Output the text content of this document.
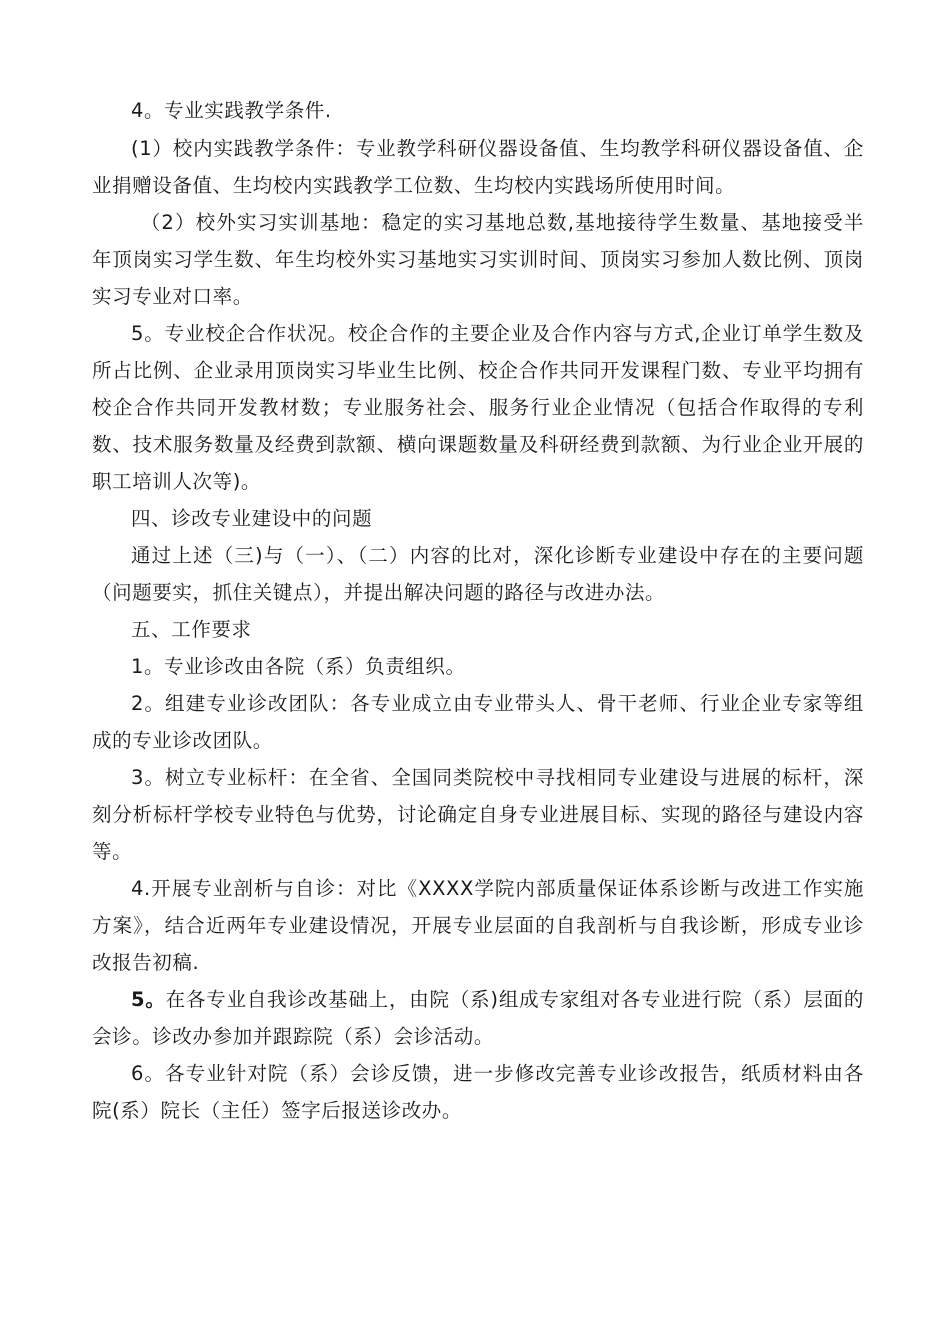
4。专业实践教学条件.

(1）校内实践教学条件：专业教学科研仪器设备值、生均教学科研仪器设备值、企业捐赠设备值、生均校内实践教学工位数、生均校内实践场所使用时间。

（2）校外实习实训基地：稳定的实习基地总数,基地接待学生数量、基地接受半年顶岗实习学生数、年生均校外实习基地实习实训时间、顶岗实习参加人数比例、顶岗实习专业对口率。

5。专业校企合作状况。校企合作的主要企业及合作内容与方式,企业订单学生数及所占比例、企业录用顶岗实习毕业生比例、校企合作共同开发课程门数、专业平均拥有校企合作共同开发教材数；专业服务社会、服务行业企业情况（包括合作取得的专利数、技术服务数量及经费到款额、横向课题数量及科研经费到款额、为行业企业开展的职工培训人次等)。

四、诊改专业建设中的问题

通过上述（三)与（一）、（二）内容的比对，深化诊断专业建设中存在的主要问题（问题要实，抓住关键点），并提出解决问题的路径与改进办法。

五、工作要求

1。专业诊改由各院（系）负责组织。

2。组建专业诊改团队：各专业成立由专业带头人、骨干老师、行业企业专家等组成的专业诊改团队。

3。树立专业标杆：在全省、全国同类院校中寻找相同专业建设与进展的标杆，深刻分析标杆学校专业特色与优势，讨论确定自身专业进展目标、实现的路径与建设内容等。

4.开展专业剖析与自诊：对比《XXXX学院内部质量保证体系诊断与改进工作实施方案》，结合近两年专业建设情况，开展专业层面的自我剖析与自我诊断，形成专业诊改报告初稿.

5。在各专业自我诊改基础上，由院（系)组成专家组对各专业进行院（系）层面的会诊。诊改办参加并跟踪院（系）会诊活动。

6。各专业针对院（系）会诊反馈，进一步修改完善专业诊改报告，纸质材料由各院(系）院长（主任）签字后报送诊改办。
